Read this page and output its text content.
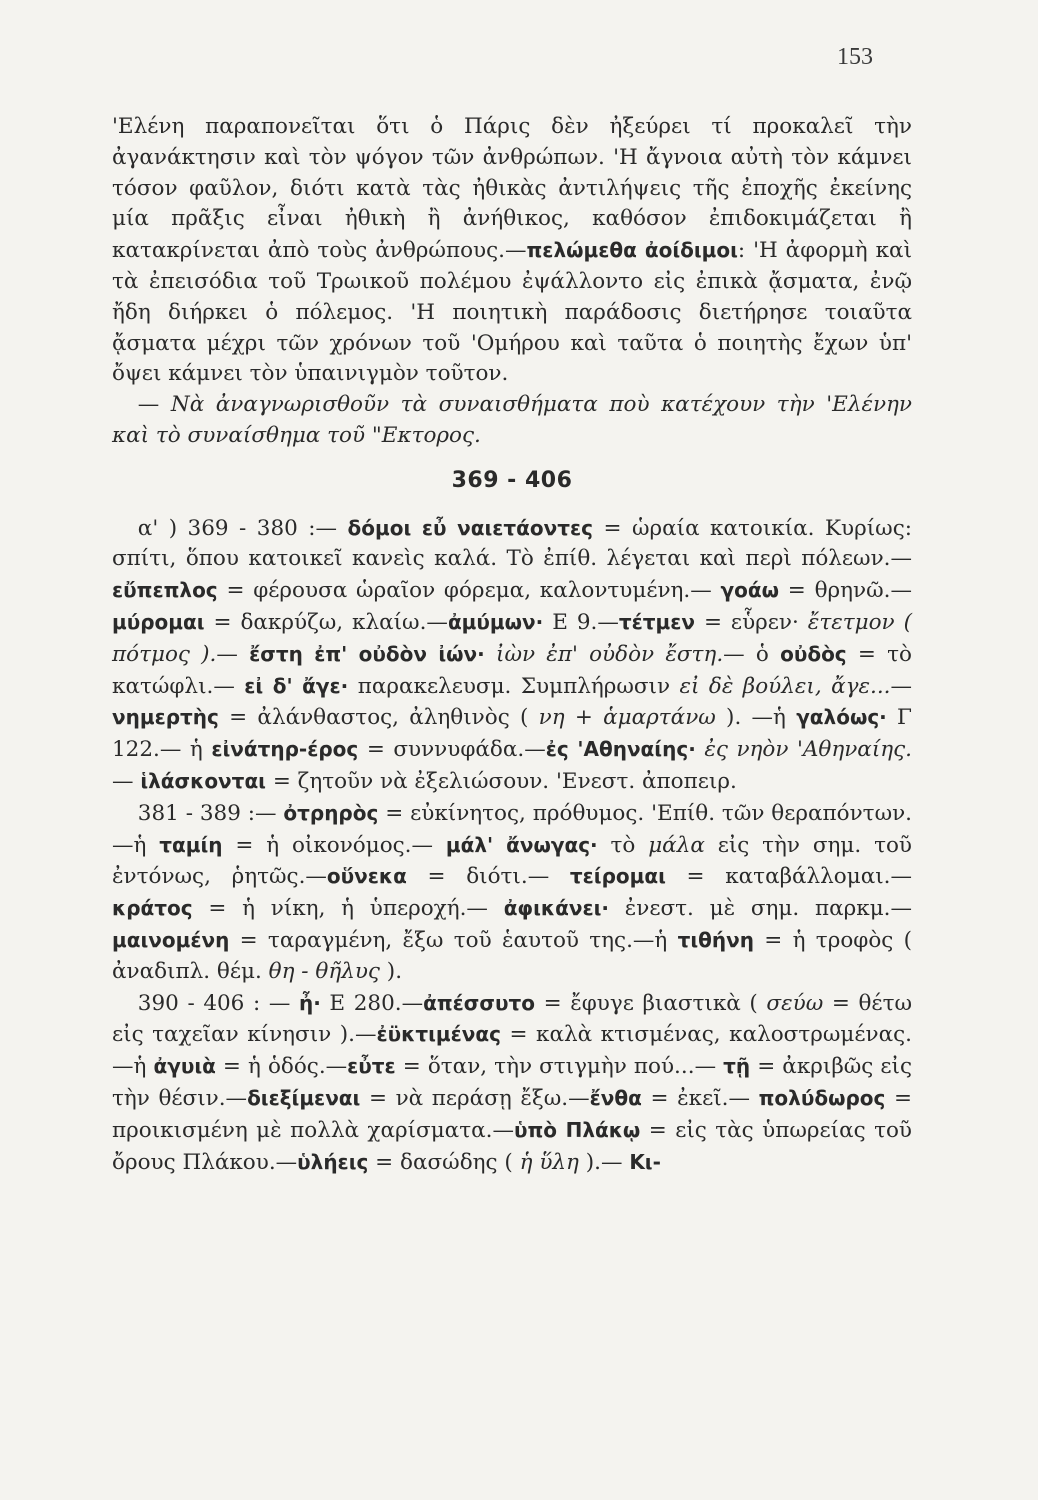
153

'Ελένη παραπονεῖται ὅτι ὁ Πάρις δὲν ἠξεύρει τί προκαλεῖ τὴν ἀγανάκτησιν καὶ τὸν ψόγον τῶν ἀνθρώπων. 'Η ἄγνοια αὐτὴ τὸν κάμνει τόσον φαῦλον, διότι κατὰ τὰς ἠθικὰς ἀντιλήψεις τῆς ἐποχῆς ἐκείνης μία πρᾶξις εἶναι ἠθικὴ ἢ ἀνήθικος, καθόσον ἐπιδοκιμάζεται ἢ κατακρίνεται ἀπὸ τοὺς ἀνθρώπους.—πελώμεθα ἀοίδιμοι: 'Η ἀφορμὴ καὶ τὰ ἐπεισόδια τοῦ Τρωικοῦ πολέμου ἐψάλλοντο εἰς ἐπικὰ ᾄσματα, ἐνῷ ἤδη διήρκει ὁ πόλεμος. 'Η ποιητικὴ παράδοσις διετήρησε τοιαῦτα ᾄσματα μέχρι τῶν χρόνων τοῦ 'Ομήρου καὶ ταῦτα ὁ ποιητὴς ἔχων ὑπ' ὄψει κάμνει τὸν ὑπαινιγμὸν τοῦτον.

— Νὰ ἀναγνωρισθοῦν τὰ συναισθήματα ποὺ κατέχουν τὴν 'Ελένην καὶ τὸ συναίσθημα τοῦ "Εκτορος.

369 - 406

α' ) 369 - 380 :— δόμοι εὖ ναιετάοντες = ὡραία κατοικία. Κυρίως: σπίτι, ὅπου κατοικεῖ κανεὶς καλά. Τὸ ἐπίθ. λέγεται καὶ περὶ πόλεων.— εὔπεπλος = φέρουσα ὡραῖον φόρεμα, καλοντυμένη.— γοάω = θρηνῶ.—μύρομαι = δακρύζω, κλαίω.—ἀμύμων· Ε 9.—τέτμεν = εὗρεν· ἔτετμον ( πότμος ).— ἔστη ἐπ' οὐδὸν ἰών· ἰὼν ἐπ' οὐδὸν ἔστη.— ὁ οὐδὸς = τὸ κατώφλι.— εἰ δ' ἄγε· παρακελευσμ. Συμπλήρωσιν εἰ δὲ βούλει, ἄγε...— νημερτὴς = ἀλάνθαστος, ἀληθινὸς ( νη + ἁμαρτάνω ). —ἡ γαλόως· Γ 122.— ἡ εἰνάτηρ-έρος = συννυφάδα.—ἐς 'Αθηναίης· ἐς νηὸν 'Αθηναίης.— ἱλάσκονται = ζητοῦν νὰ ἐξελιώσουν. 'Ενεστ. ἀποπειρ.

381 - 389 :— ὀτρηρὸς = εὐκίνητος, πρόθυμος. 'Επίθ. τῶν θεραπόντων.—ἡ ταμίη = ἡ οἰκονόμος.— μάλ' ἄνωγας· τὸ μάλα εἰς τὴν σημ. τοῦ ἐντόνως, ῥητῶς.—οὕνεκα = διότι.— τείρομαι = καταβάλλομαι.— κράτος = ἡ νίκη, ἡ ὑπεροχή.— ἀφικάνει· ἐνεστ. μὲ σημ. παρκμ.— μαινομένη = ταραγμένη, ἔξω τοῦ ἑαυτοῦ της.—ἡ τιθήνη = ἡ τροφὸς ( ἀναδιπλ. θέμ. θη - θῆλυς ).

390 - 406 : — ἦ· Ε 280.—ἀπέσσυτο = ἔφυγε βιαστικὰ ( σεύω = θέτω εἰς ταχεῖαν κίνησιν ).—ἐϋκτιμένας = καλὰ κτισμένας, καλοστρωμένας.—ἡ ἀγυιὰ = ἡ ὁδός.—εὖτε = ὅταν, τὴν στιγμὴν πού...— τῇ = ἀκριβῶς εἰς τὴν θέσιν.—διεξίμεναι = νὰ περάσῃ ἔξω.—ἔνθα = ἐκεῖ.— πολύδωρος = προικισμένη μὲ πολλὰ χαρίσματα.—ὑπὸ Πλάκῳ = εἰς τὰς ὑπωρείας τοῦ ὄρους Πλάκου.—ὑλήεις = δασώδης ( ἡ ὕλη ).— Κι-
